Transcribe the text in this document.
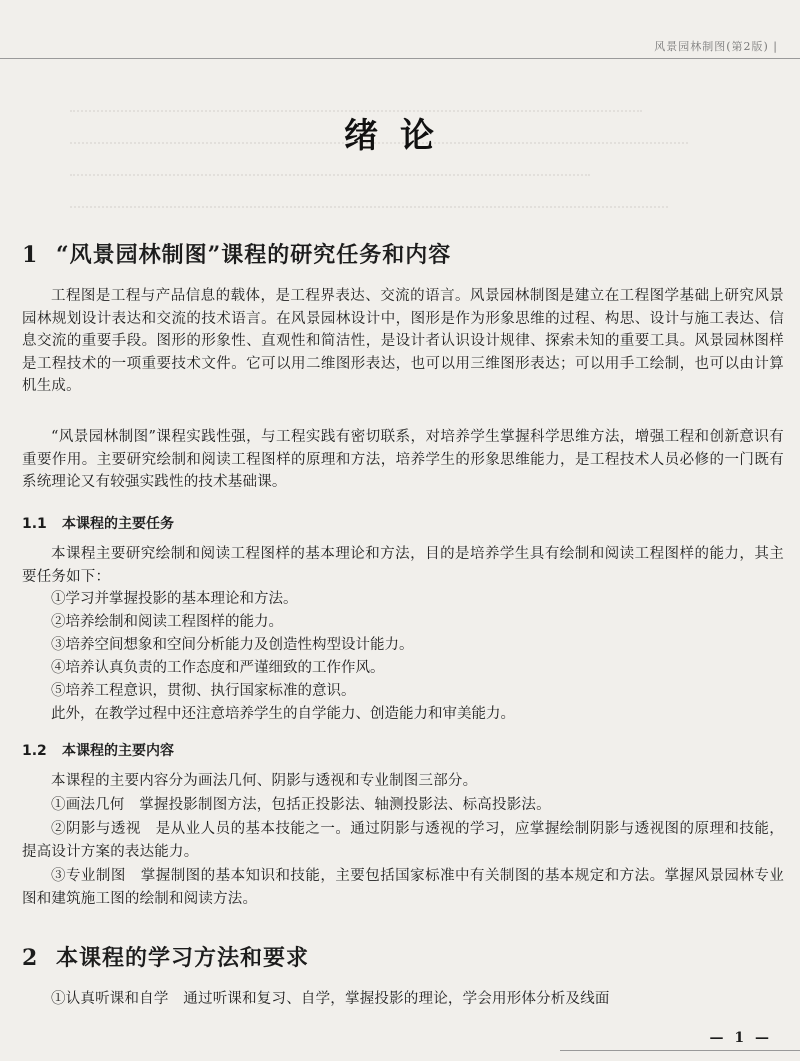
风景园林制图(第2版) |
绪论
1 “风景园林制图”课程的研究任务和内容
工程图是工程与产品信息的载体，是工程界表达、交流的语言。风景园林制图是建立在工程图学基础上研究风景园林规划设计表达和交流的技术语言。在风景园林设计中，图形是作为形象思维的过程、构思、设计与施工表达、信息交流的重要手段。图形的形象性、直观性和简洁性，是设计者认识设计规律、探索未知的重要工具。风景园林图样是工程技术的一项重要技术文件。它可以用二维图形表达，也可以用三维图形表达；可以用手工绘制，也可以由计算机生成。
“风景园林制图”课程实践性强，与工程实践有密切联系，对培养学生掌握科学思维方法，增强工程和创新意识有重要作用。主要研究绘制和阅读工程图样的原理和方法，培养学生的形象思维能力，是工程技术人员必修的一门既有系统理论又有较强实践性的技术基础课。
1.1 本课程的主要任务
本课程主要研究绘制和阅读工程图样的基本理论和方法，目的是培养学生具有绘制和阅读工程图样的能力，其主要任务如下：
①学习并掌握投影的基本理论和方法。
②培养绘制和阅读工程图样的能力。
③培养空间想象和空间分析能力及创造性构型设计能力。
④培养认真负责的工作态度和严谨细致的工作作风。
⑤培养工程意识，贯彻、执行国家标准的意识。
此外，在教学过程中还注意培养学生的自学能力、创造能力和审美能力。
1.2 本课程的主要内容
本课程的主要内容分为画法几何、阴影与透视和专业制图三部分。
①画法几何　掌握投影制图方法，包括正投影法、轴测投影法、标高投影法。
②阴影与透视　是从业人员的基本技能之一。通过阴影与透视的学习，应掌握绘制阴影与透视图的原理和技能，提高设计方案的表达能力。
③专业制图　掌握制图的基本知识和技能，主要包括国家标准中有关制图的基本规定和方法。掌握风景园林专业图和建筑施工图的绘制和阅读方法。
2 本课程的学习方法和要求
①认真听课和自学　通过听课和复习、自学，掌握投影的理论，学会用形体分析及线面
— 1 —
